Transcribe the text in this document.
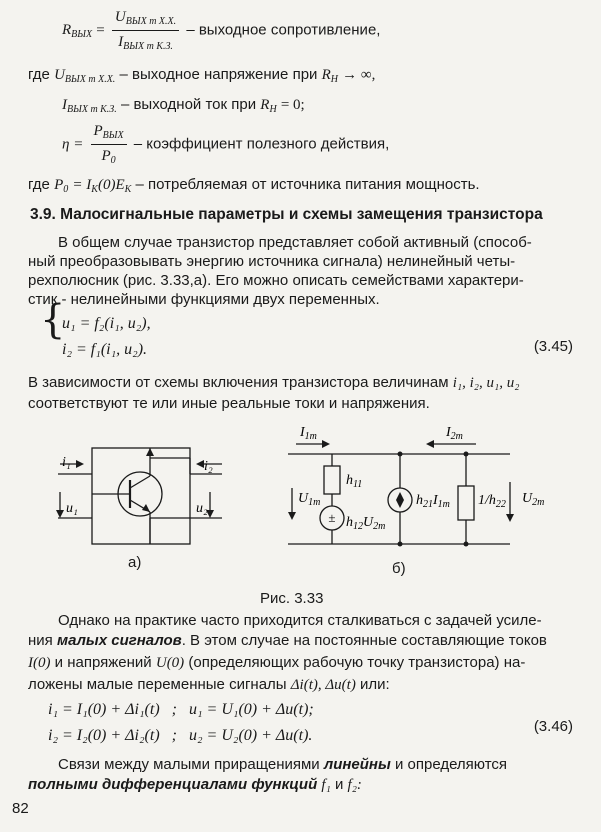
$R_{ВЫХ} = \frac{U_{ВЫХ m Х.Х.}}{I_{ВЫХ m К.З.}}$ – выходное сопротивление,
где $U_{ВЫХ m Х.Х.}$ – выходное напряжение при $R_H$ → ∞,
$I_{ВЫХ m К.З.}$ – выходной ток при $R_H = 0$;
$\eta = \frac{P_{ВЫХ}}{P_0}$ – коэффициент полезного действия,
где $P_0 = I_K(0)E_K$ – потребляемая от источника питания мощность.
3.9. Малосигнальные параметры и схемы замещения транзистора
В общем случае транзистор представляет собой активный (способ-
ный преобразовывать энергию источника сигнала) нелинейный четы-
рехполюсник (рис. 3.33,а). Его можно описать семействами характери-
стик - нелинейными функциями двух переменных.
{
u₁ = f₂(i₁, u₂),
i₂ = f₁(i₁, u₂).	(3.45)
В зависимости от схемы включения транзистора величинам i₁, i₂, u₁, u₂
соответствуют те или иные реальные токи и напряжения.
±
i₁	i₂
u₁	u₂
$I_{1m}$	$I_{2m}$
$U_{1m}$	$U_{2m}$
$h_{11}$
$h_{12}U_{2m}$
$h_{21}I_{1m}$ $1/h_{22}$
а)	б)
Рис. 3.33
Однако на практике часто приходится сталкиваться с задачей усиле-
ния малых сигналов. В этом случае на постоянные составляющие токов
I(0) и напряжений U(0) (определяющих рабочую точку транзистора) на-
ложены малые переменные сигналы Δi(t), Δu(t) или:
i₁ = I₁(0) + Δi₁(t)   ;   u₁ = U₁(0) + Δu(t);
i₂ = I₂(0) + Δi₂(t)   ;   u₂ = U₂(0) + Δu(t).
(3.46)
Связи между малыми приращениями линейны и определяются
полными дифференциалами функций f₁ и f₂:
82
